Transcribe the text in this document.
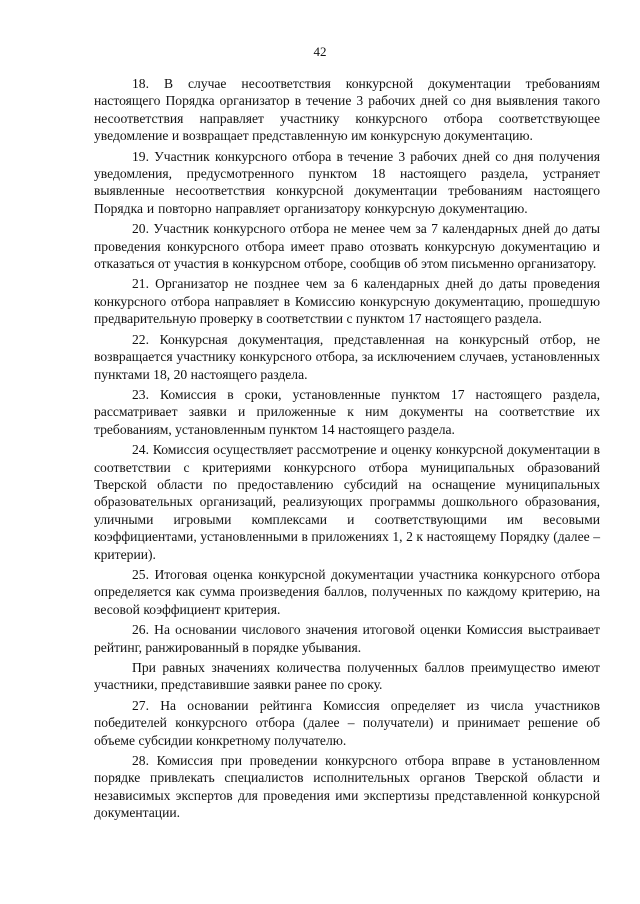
42

18. В случае несоответствия конкурсной документации требованиям настоящего Порядка организатор в течение 3 рабочих дней со дня выявления такого несоответствия направляет участнику конкурсного отбора соответствующее уведомление и возвращает представленную им конкурсную документацию.

19. Участник конкурсного отбора в течение 3 рабочих дней со дня получения уведомления, предусмотренного пунктом 18 настоящего раздела, устраняет выявленные несоответствия конкурсной документации требованиям настоящего Порядка и повторно направляет организатору конкурсную документацию.

20. Участник конкурсного отбора не менее чем за 7 календарных дней до даты проведения конкурсного отбора имеет право отозвать конкурсную документацию и отказаться от участия в конкурсном отборе, сообщив об этом письменно организатору.

21. Организатор не позднее чем за 6 календарных дней до даты проведения конкурсного отбора направляет в Комиссию конкурсную документацию, прошедшую предварительную проверку в соответствии с пунктом 17 настоящего раздела.

22. Конкурсная документация, представленная на конкурсный отбор, не возвращается участнику конкурсного отбора, за исключением случаев, установленных пунктами 18, 20 настоящего раздела.

23. Комиссия в сроки, установленные пунктом 17 настоящего раздела, рассматривает заявки и приложенные к ним документы на соответствие их требованиям, установленным пунктом 14 настоящего раздела.

24. Комиссия осуществляет рассмотрение и оценку конкурсной документации в соответствии с критериями конкурсного отбора муниципальных образований Тверской области по предоставлению субсидий на оснащение муниципальных образовательных организаций, реализующих программы дошкольного образования, уличными игровыми комплексами и соответствующими им весовыми коэффициентами, установленными в приложениях 1, 2 к настоящему Порядку (далее – критерии).

25. Итоговая оценка конкурсной документации участника конкурсного отбора определяется как сумма произведения баллов, полученных по каждому критерию, на весовой коэффициент критерия.

26. На основании числового значения итоговой оценки Комиссия выстраивает рейтинг, ранжированный в порядке убывания.

При равных значениях количества полученных баллов преимущество имеют участники, представившие заявки ранее по сроку.

27. На основании рейтинга Комиссия определяет из числа участников победителей конкурсного отбора (далее – получатели) и принимает решение об объеме субсидии конкретному получателю.

28. Комиссия при проведении конкурсного отбора вправе в установленном порядке привлекать специалистов исполнительных органов Тверской области и независимых экспертов для проведения ими экспертизы представленной конкурсной документации.
